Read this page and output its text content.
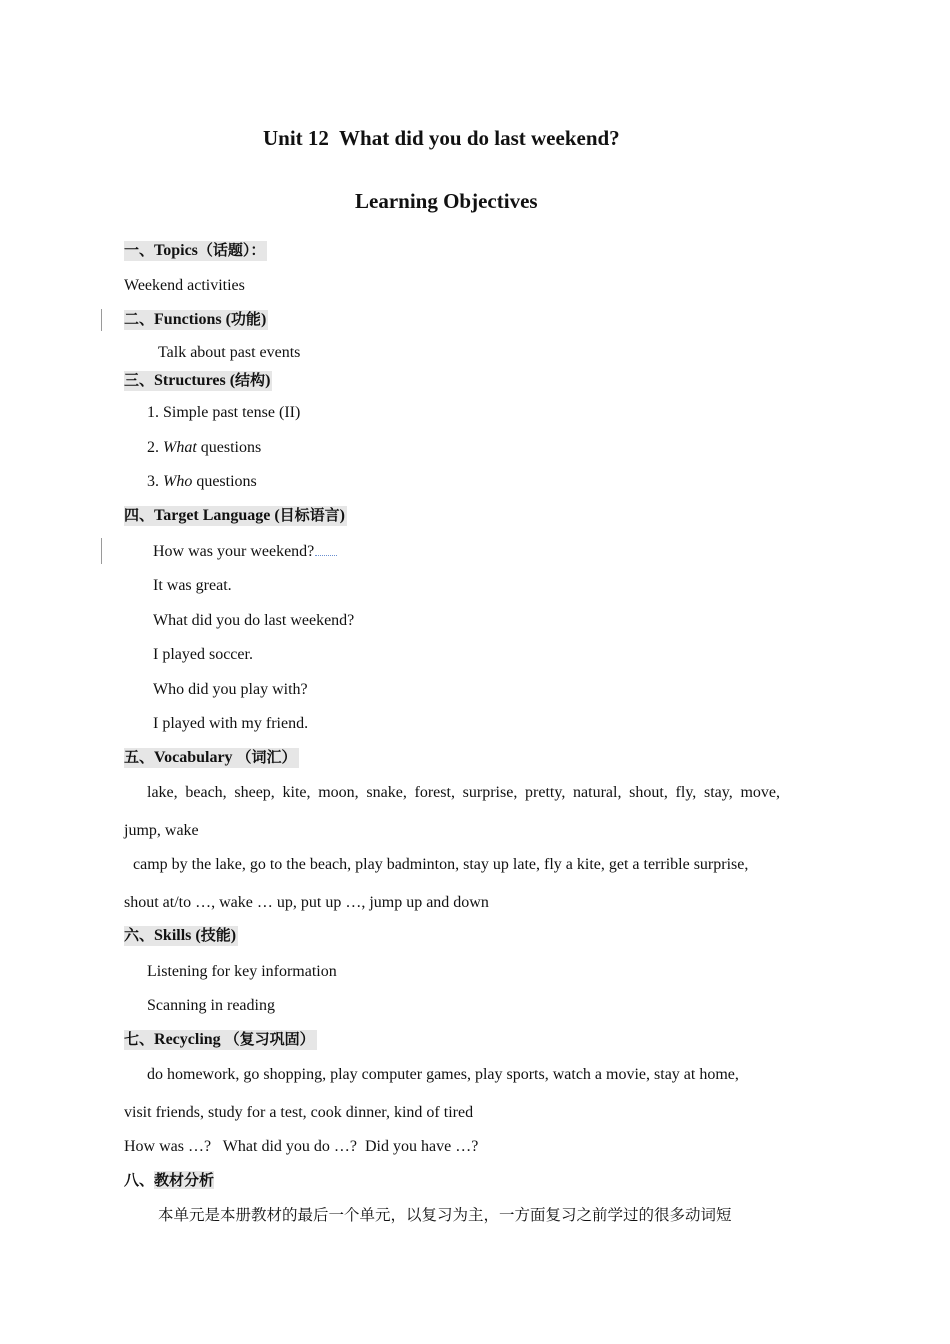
Unit 12  What did you do last weekend?
Learning Objectives
一、Topics（话题）：
Weekend activities
二、Functions (功能)
Talk about past events
三、Structures (结构)
1. Simple past tense (II)
2. What questions
3. Who questions
四、Target Language (目标语言)
How was your weekend?
It was great.
What did you do last weekend?
I played soccer.
Who did you play with?
I played with my friend.
五、Vocabulary （词汇）
lake, beach, sheep, kite, moon, snake, forest, surprise, pretty, natural, shout, fly, stay, move,
jump, wake
camp by the lake, go to the beach, play badminton, stay up late, fly a kite, get a terrible surprise,
shout at/to …, wake … up, put up …, jump up and down
六、Skills (技能)
Listening for key information
Scanning in reading
七、Recycling （复习巩固）
do homework, go shopping, play computer games, play sports, watch a movie, stay at home,
visit friends, study for a test, cook dinner, kind of tired
How was …?   What did you do …?  Did you have …?
八、教材分析
本单元是本册教材的最后一个单元，以复习为主，一方面复习之前学过的很多动词短
